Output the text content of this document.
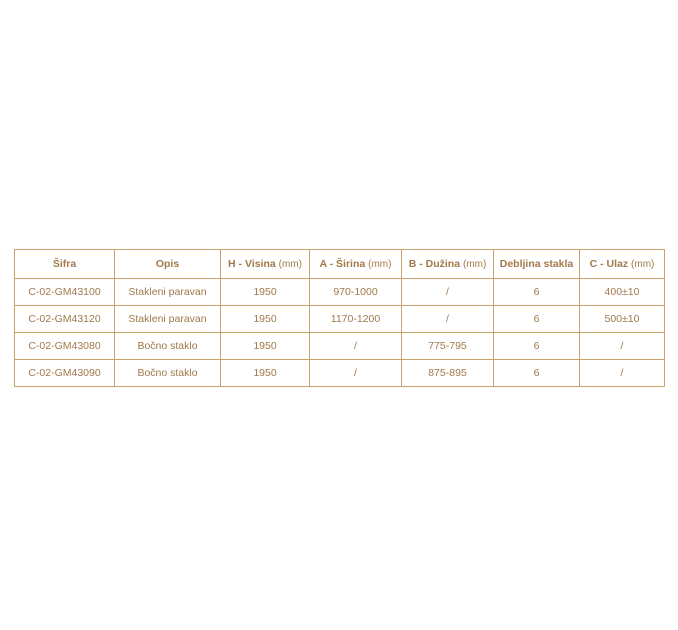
Šifra	Opis	H - Visina (mm)	A - Širina (mm)	B - Dužina (mm)	Debljina stakla	C - Ulaz (mm)
C-02-GM43100	Stakleni paravan	1950	970-1000	/	6	400±10
C-02-GM43120	Stakleni paravan	1950	1170-1200	/	6	500±10
C-02-GM43080	Bočno staklo	1950	/	775-795	6	/
C-02-GM43090	Bočno staklo	1950	/	875-895	6	/
